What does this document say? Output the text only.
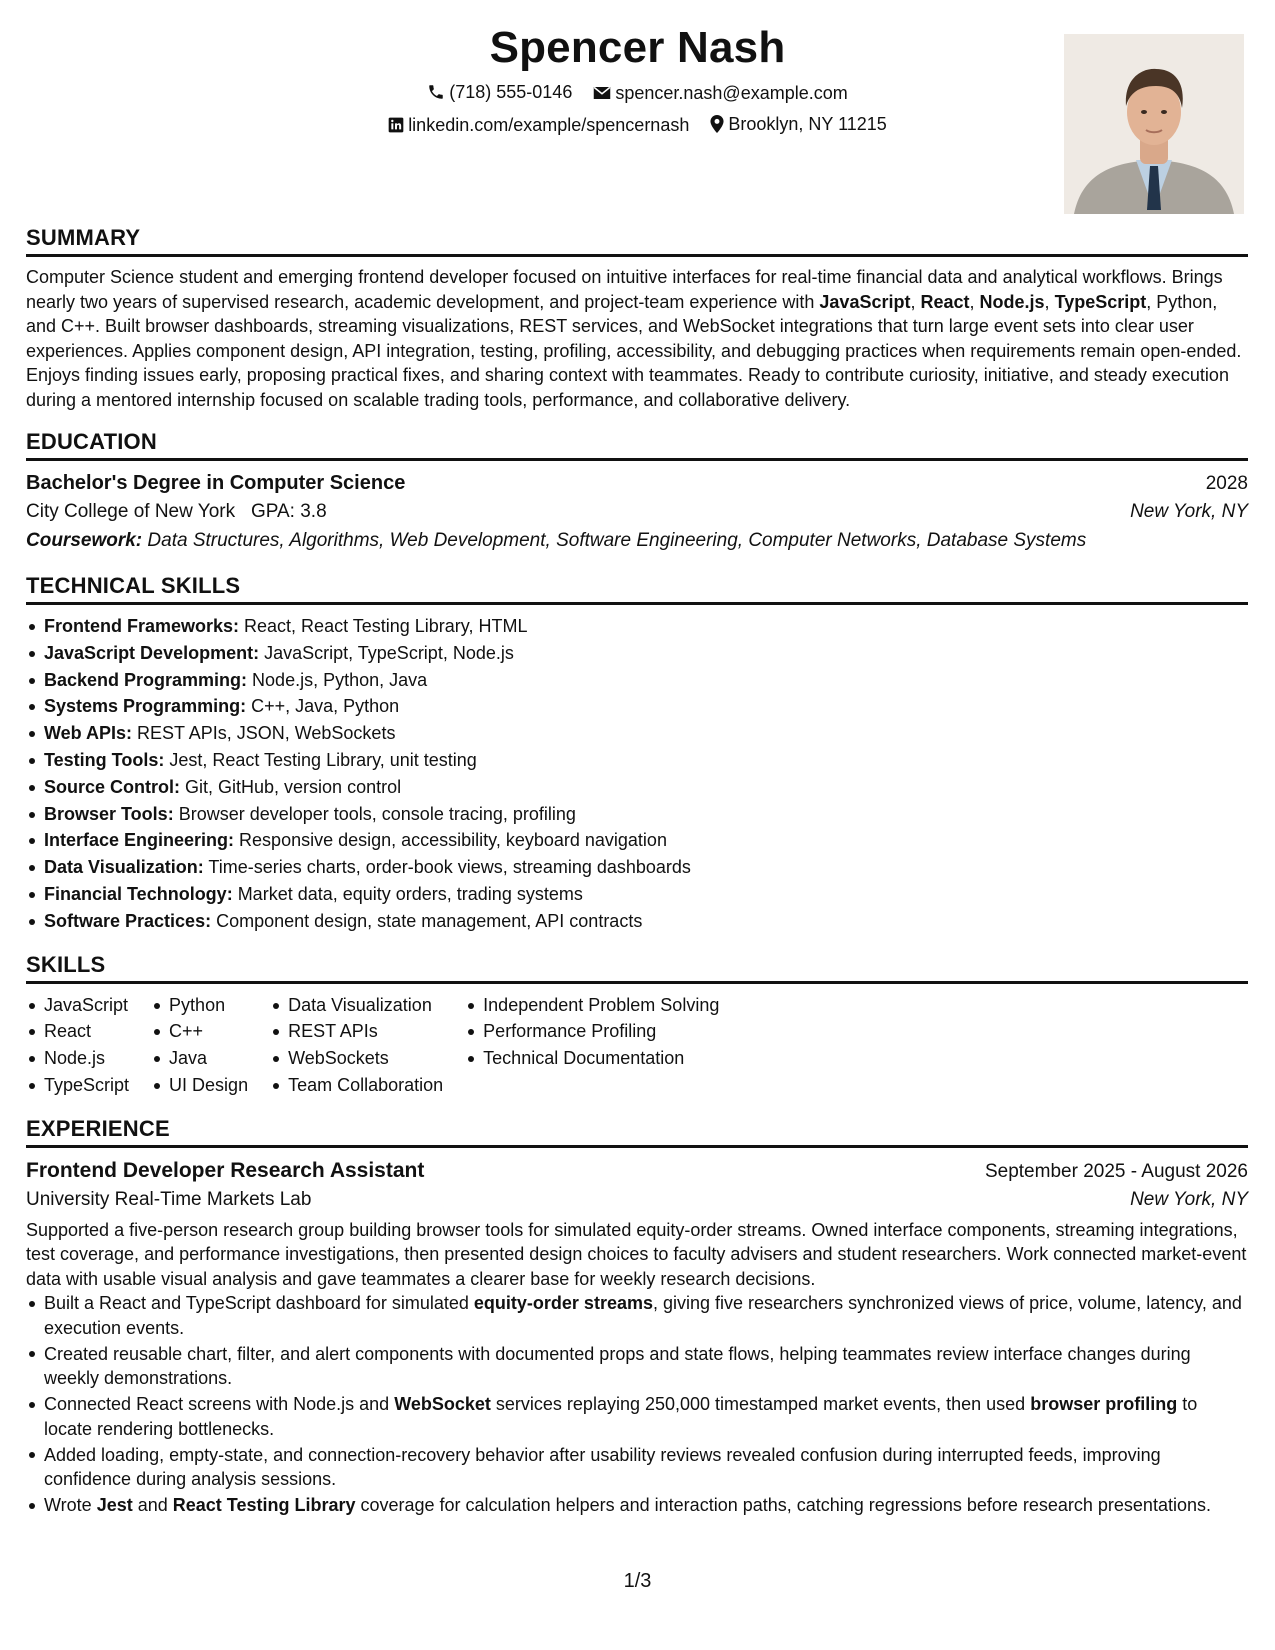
Spencer Nash
(718) 555-0146
spencer.nash@example.com
linkedin.com/example/spencernash
Brooklyn, NY 11215
SUMMARY

Computer Science student and emerging frontend developer focused on intuitive interfaces for real-time financial data and analytical workflows. Brings nearly two years of supervised research, academic development, and project-team experience with JavaScript, React, Node.js, TypeScript, Python, and C++. Built browser dashboards, streaming visualizations, REST services, and WebSocket integrations that turn large event sets into clear user experiences. Applies component design, API integration, testing, profiling, accessibility, and debugging practices when requirements remain open-ended. Enjoys finding issues early, proposing practical fixes, and sharing context with teammates. Ready to contribute curiosity, initiative, and steady execution during a mentored internship focused on scalable trading tools, performance, and collaborative delivery.

EDUCATION
Bachelor's Degree in Computer Science	2028
City College of New York GPA: 3.8	New York, NY
Coursework: Data Structures, Algorithms, Web Development, Software Engineering, Computer Networks, Database Systems
TECHNICAL SKILLS
Frontend Frameworks: React, React Testing Library, HTML
JavaScript Development: JavaScript, TypeScript, Node.js
Backend Programming: Node.js, Python, Java
Systems Programming: C++, Java, Python
Web APIs: REST APIs, JSON, WebSockets
Testing Tools: Jest, React Testing Library, unit testing
Source Control: Git, GitHub, version control
Browser Tools: Browser developer tools, console tracing, profiling
Interface Engineering: Responsive design, accessibility, keyboard navigation
Data Visualization: Time-series charts, order-book views, streaming dashboards
Financial Technology: Market data, equity orders, trading systems
Software Practices: Component design, state management, API contracts
SKILLS
JavaScript
React
Node.js
TypeScript
Python
C++
Java
UI Design
Data Visualization
REST APIs
WebSockets
Team Collaboration
Independent Problem Solving
Performance Profiling
Technical Documentation
EXPERIENCE
Frontend Developer Research Assistant	September 2025 - August 2026
University Real-Time Markets Lab	New York, NY

Supported a five-person research group building browser tools for simulated equity-order streams. Owned interface components, streaming integrations, test coverage, and performance investigations, then presented design choices to faculty advisers and student researchers. Work connected market-event data with usable visual analysis and gave teammates a clearer base for weekly research decisions.

Built a React and TypeScript dashboard for simulated equity-order streams, giving five researchers synchronized views of price, volume, latency, and execution events.
Created reusable chart, filter, and alert components with documented props and state flows, helping teammates review interface changes during weekly demonstrations.
Connected React screens with Node.js and WebSocket services replaying 250,000 timestamped market events, then used browser profiling to locate rendering bottlenecks.
Added loading, empty-state, and connection-recovery behavior after usability reviews revealed confusion during interrupted feeds, improving confidence during analysis sessions.
Wrote Jest and React Testing Library coverage for calculation helpers and interaction paths, catching regressions before research presentations.
1/3
